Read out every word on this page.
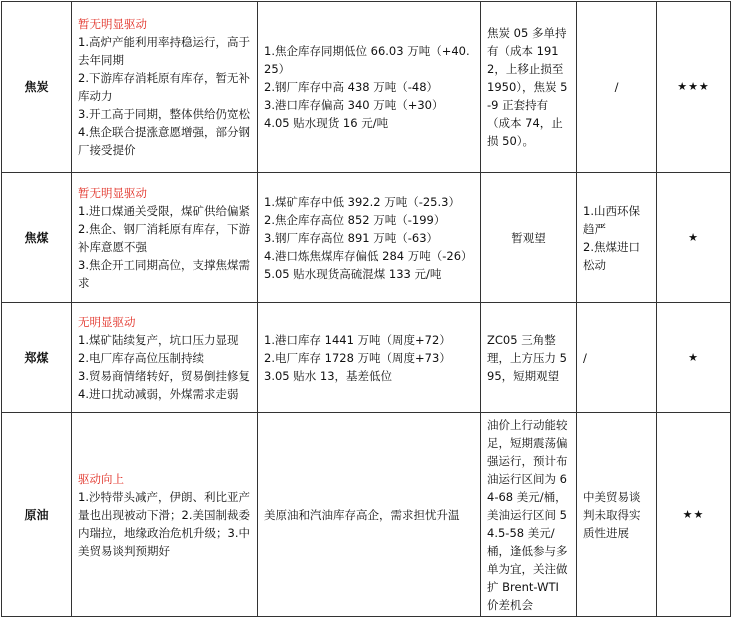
焦炭	暂无明显驱动
1.高炉产能利用率持稳运行，高于去年同期
2.下游库存消耗原有库存，暂无补库动力
3.开工高于同期，整体供给仍宽松
4.焦企联合提涨意愿增强，部分钢厂接受提价	1.焦企库存同期低位 66.03 万吨（+40.25）
2.钢厂库存中高 438 万吨（-48）
3.港口库存偏高 340 万吨（+30）
4.05 贴水现货 16 元/吨	焦炭 05 多单持有（成本 1912，上移止损至 1950），焦炭 5-9 正套持有（成本 74，止损 50）。	/	★★★
焦煤	暂无明显驱动
1.进口煤通关受限，煤矿供给偏紧
2.焦企、钢厂消耗原有库存，下游补库意愿不强
3.焦企开工同期高位，支撑焦煤需求	1.煤矿库存中低 392.2 万吨（-25.3）
2.焦企库存高位 852 万吨（-199）
3.钢厂库存高位 891 万吨（-63）
4.港口炼焦煤库存偏低 284 万吨（-26）
5.05 贴水现货高硫混煤 133 元/吨	暂观望	1.山西环保趋严
2.焦煤进口松动	★
郑煤	无明显驱动
1.煤矿陆续复产，坑口压力显现
2.电厂库存高位压制持续
3.贸易商情绪转好，贸易倒挂修复
4.进口扰动减弱，外煤需求走弱	1.港口库存 1441 万吨（周度+72）
2.电厂库存 1728 万吨（周度+73）
3.05 贴水 13，基差低位	ZC05 三角整理，上方压力 595，短期观望	/	★
原油	驱动向上
1.沙特带头减产，伊朗、利比亚产量也出现被动下滑；2.美国制裁委内瑞拉，地缘政治危机升级；3.中美贸易谈判预期好	美原油和汽油库存高企，需求担忧升温	油价上行动能较足，短期震荡偏强运行，预计布油运行区间为 64-68 美元/桶，美油运行区间 54.5-58 美元/桶，逢低参与多单为宜，关注做扩 Brent-WTI 价差机会	中美贸易谈判未取得实质性进展	★★
